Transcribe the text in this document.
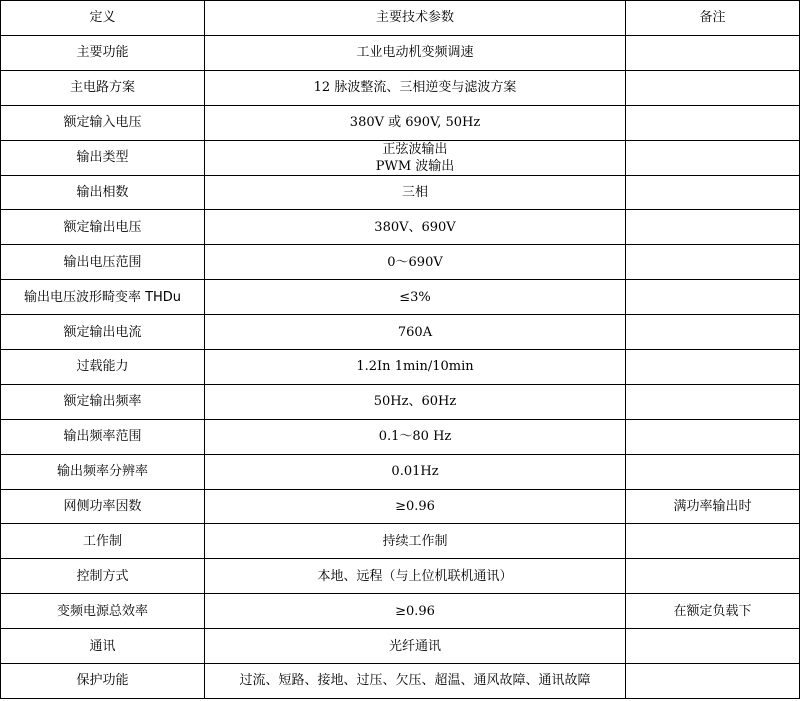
定义	主要技术参数	备注
主要功能	工业电动机变频调速	

主电路方案	12 脉波整流、三相逆变与滤波方案	

额定输入电压	380V 或 690V, 50Hz	

输出类型	正弦波输出
PWM 波输出	

输出相数	三相	

额定输出电压	380V、690V	

输出电压范围	0～690V	

输出电压波形畸变率 THDu	≤3%	

额定输出电流	760A	

过载能力	1.2In 1min/10min	

额定输出频率	50Hz、60Hz	

输出频率范围	0.1～80 Hz	

输出频率分辨率	0.01Hz	

网侧功率因数	≥0.96	满功率输出时
工作制	持续工作制	

控制方式	本地、远程（与上位机联机通讯）	

变频电源总效率	≥0.96	在额定负载下
通讯	光纤通讯	

保护功能	过流、短路、接地、过压、欠压、超温、通风故障、通讯故障	
